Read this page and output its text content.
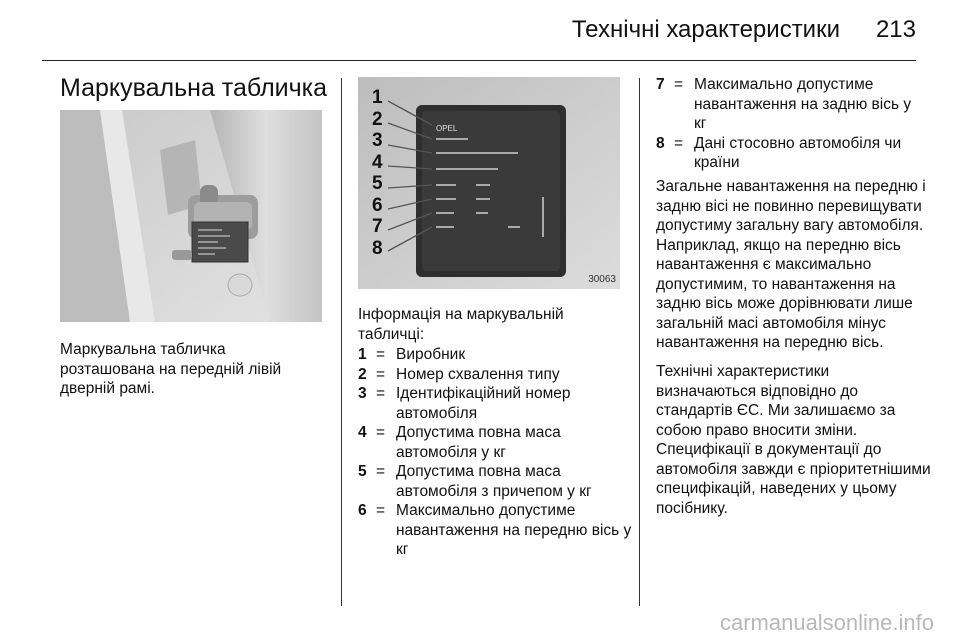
Технічні характеристики 213
Маркувальна табличка

Маркувальна табличка розташована на передній лівій дверній рамі.

OPEL
1
2
3
4
5
6
7
8
30063

Інформація на маркувальній табличці:

1 = Виробник
2 = Номер схвалення типу
3 = Ідентифікаційний номер автомобіля
4 = Допустима повна маса автомобіля у кг
5 = Допустима повна маса автомобіля з причепом у кг
6 = Максимально допустиме навантаження на передню вісь у кг
7 = Максимально допустиме навантаження на задню вісь у кг
8 = Дані стосовно автомобіля чи країни

Загальне навантаження на передню і задню вісі не повинно перевищувати допустиму загальну вагу автомобіля. Наприклад, якщо на передню вісь навантаження є максимально допустимим, то навантаження на задню вісь може дорівнювати лише загальній масі автомобіля мінус навантаження на передню вісь.

Технічні характеристики визначаються відповідно до стандартів ЄС. Ми залишаємо за собою право вносити зміни. Специфікації в документації до автомобіля завжди є пріоритетнішими специфікацій, наведених у цьому посібнику.

carmanualsonline.info
